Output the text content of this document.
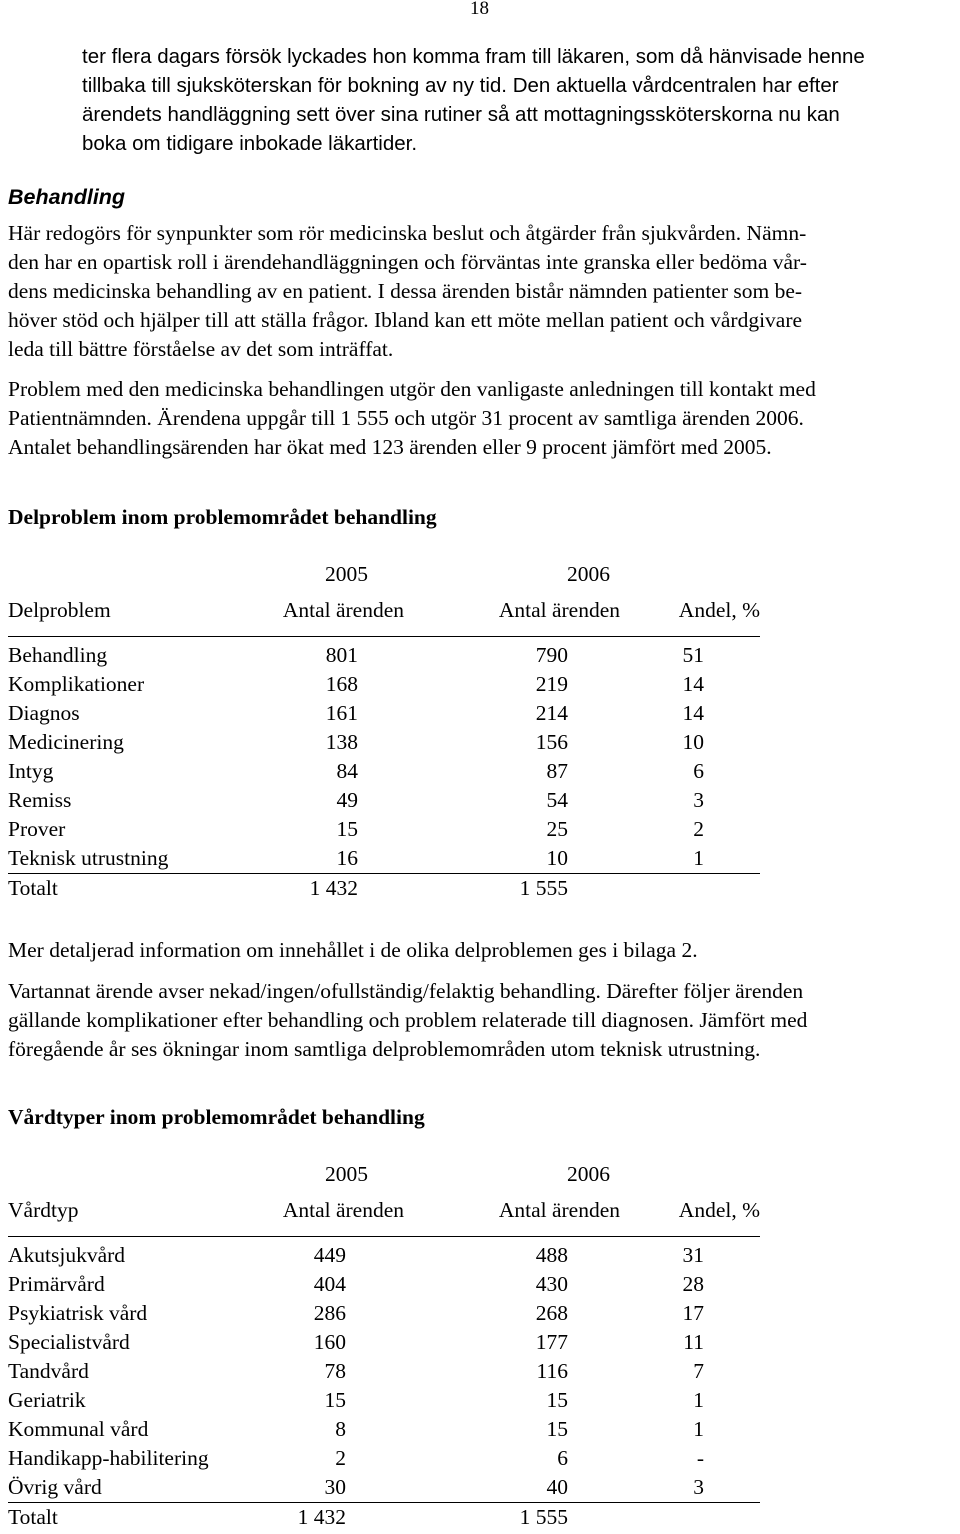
18

ter flera dagars försök lyckades hon komma fram till läkaren, som då hänvisade henne
tillbaka till sjuksköterskan för bokning av ny tid. Den aktuella vårdcentralen har efter
ärendets handläggning sett över sina rutiner så att mottagningssköterskorna nu kan
boka om tidigare inbokade läkartider.

Behandling

Här redogörs för synpunkter som rör medicinska beslut och åtgärder från sjukvården. Nämn-
den har en opartisk roll i ärendehandläggningen och förväntas inte granska eller bedöma vår-
dens medicinska behandling av en patient. I dessa ärenden bistår nämnden patienter som be-
höver stöd och hjälper till att ställa frågor. Ibland kan ett möte mellan patient och vårdgivare
leda till bättre förståelse av det som inträffat.

Problem med den medicinska behandlingen utgör den vanligaste anledningen till kontakt med
Patientnämnden. Ärendena uppgår till 1 555 och utgör 31 procent av samtliga ärenden 2006.
Antalet behandlingsärenden har ökat med 123 ärenden eller 9 procent jämfört med 2005.

Delproblem inom problemområdet behandling
	2005	2006	
Delproblem	Antal ärenden	Antal ärenden	Andel, %
Behandling	801	790	51
Komplikationer	168	219	14
Diagnos	161	214	14
Medicinering	138	156	10
Intyg	84	87	6
Remiss	49	54	3
Prover	15	25	2
Teknisk utrustning	16	10	1
Totalt	1 432	1 555	

Mer detaljerad information om innehållet i de olika delproblemen ges i bilaga 2.

Vartannat ärende avser nekad/ingen/ofullständig/felaktig behandling. Därefter följer ärenden
gällande komplikationer efter behandling och problem relaterade till diagnosen. Jämfört med
föregående år ses ökningar inom samtliga delproblemområden utom teknisk utrustning.

Vårdtyper inom problemområdet behandling
	2005	2006	
Vårdtyp	Antal ärenden	Antal ärenden	Andel, %
Akutsjukvård	449	488	31
Primärvård	404	430	28
Psykiatrisk vård	286	268	17
Specialistvård	160	177	11
Tandvård	78	116	7
Geriatrik	15	15	1
Kommunal vård	8	15	1
Handikapp-habilitering	2	6	-
Övrig vård	30	40	3
Totalt	1 432	1 555	
